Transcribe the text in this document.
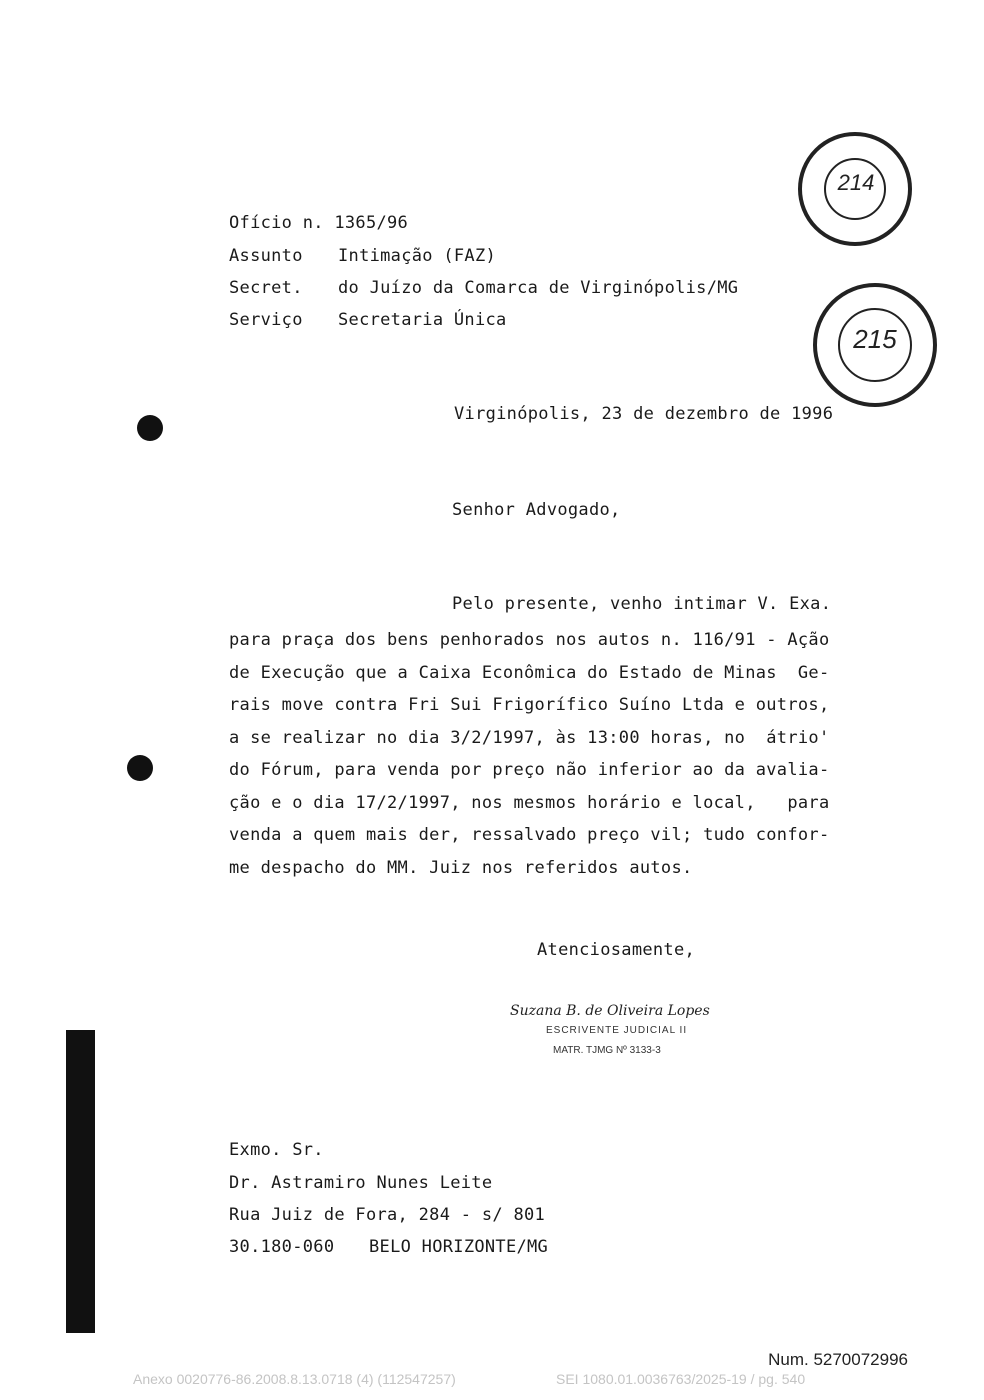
Ofício n. 1365/96
Assunto Intimação (FAZ)
Secret. do Juízo da Comarca de Virginópolis/MG
Serviço Secretaria Única
214
215
Virginópolis, 23 de dezembro de 1996
Senhor Advogado,
Pelo presente, venho intimar V. Exa.
para praça dos bens penhorados nos autos n. 116/91 - Ação
de Execução que a Caixa Econômica do Estado de Minas  Ge-
rais move contra Fri Sui Frigorífico Suíno Ltda e outros,
a se realizar no dia 3/2/1997, às 13:00 horas, no  átrio'
do Fórum, para venda por preço não inferior ao da avalia-
ção e o dia 17/2/1997, nos mesmos horário e local,   para
venda a quem mais der, ressalvado preço vil; tudo confor-
me despacho do MM. Juiz nos referidos autos.
Atenciosamente,
Suzana B. de Oliveira Lopes
ESCRIVENTE JUDICIAL II
MATR. TJMG Nº 3133-3
Exmo. Sr.
Dr. Astramiro Nunes Leite
Rua Juiz de Fora, 284 - s/ 801
30.180-060 BELO HORIZONTE/MG
Num. 5270072996
Anexo 0020776-86.2008.8.13.0718 (4) (112547257)	SEI 1080.01.0036763/2025-19 / pg. 540
